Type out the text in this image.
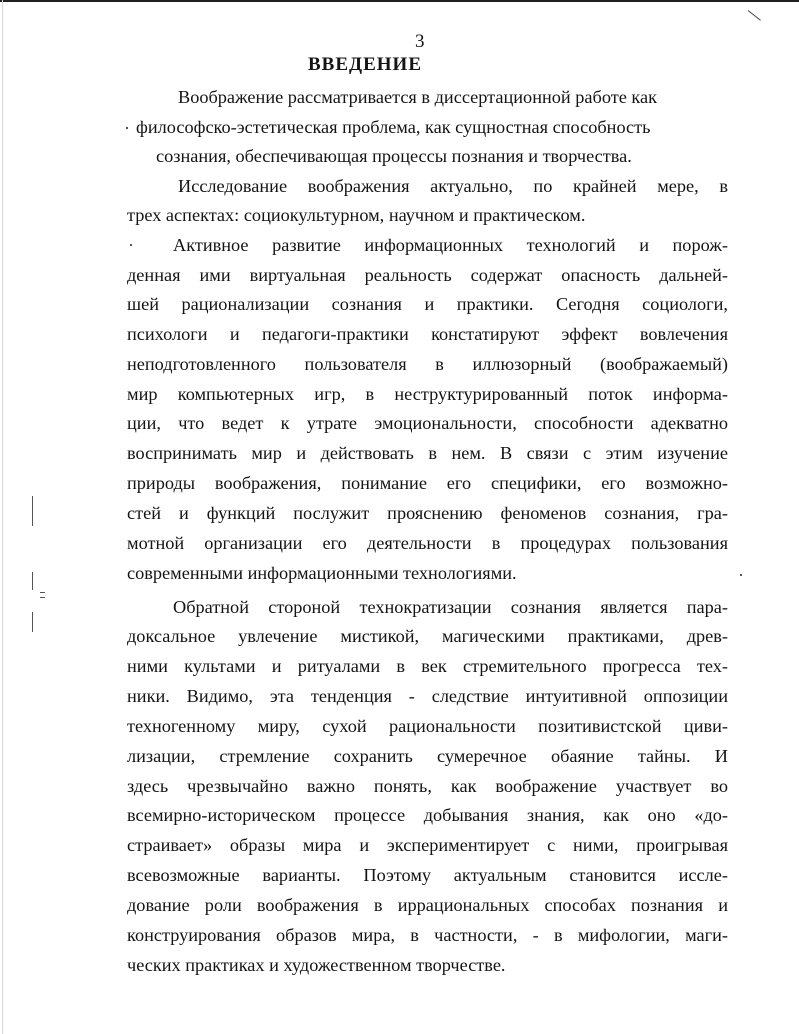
3
ВВЕДЕНИЕ
Воображение рассматривается в диссертационной работе как
философско-эстетическая проблема, как сущностная способность
сознания, обеспечивающая процессы познания и творчества.
Исследование воображения актуально, по крайней мере, в
трех аспектах: социокультурном, научном и практическом.
Активное развитие информационных технологий и порож-
денная ими виртуальная реальность содержат опасность дальней-
шей рационализации сознания и практики. Сегодня социологи,
психологи и педагоги-практики констатируют эффект вовлечения
неподготовленного пользователя в иллюзорный (воображаемый)
мир компьютерных игр, в неструктурированный поток информа-
ции, что ведет к утрате эмоциональности, способности адекватно
воспринимать мир и действовать в нем. В связи с этим изучение
природы воображения, понимание его специфики, его возможно-
стей и функций послужит прояснению феноменов сознания, гра-
мотной организации его деятельности в процедурах пользования
современными информационными технологиями.
Обратной стороной технократизации сознания является пара-
доксальное увлечение мистикой, магическими практиками, древ-
ними культами и ритуалами в век стремительного прогресса тех-
ники. Видимо, эта тенденция - следствие интуитивной оппозиции
техногенному миру, сухой рациональности позитивистской циви-
лизации, стремление сохранить сумеречное обаяние тайны. И
здесь чрезвычайно важно понять, как воображение участвует во
всемирно-историческом процессе добывания знания, как оно «до-
страивает» образы мира и экспериментирует с ними, проигрывая
всевозможные варианты. Поэтому актуальным становится иссле-
дование роли воображения в иррациональных способах познания и
конструирования образов мира, в частности, - в мифологии, маги-
ческих практиках и художественном творчестве.
